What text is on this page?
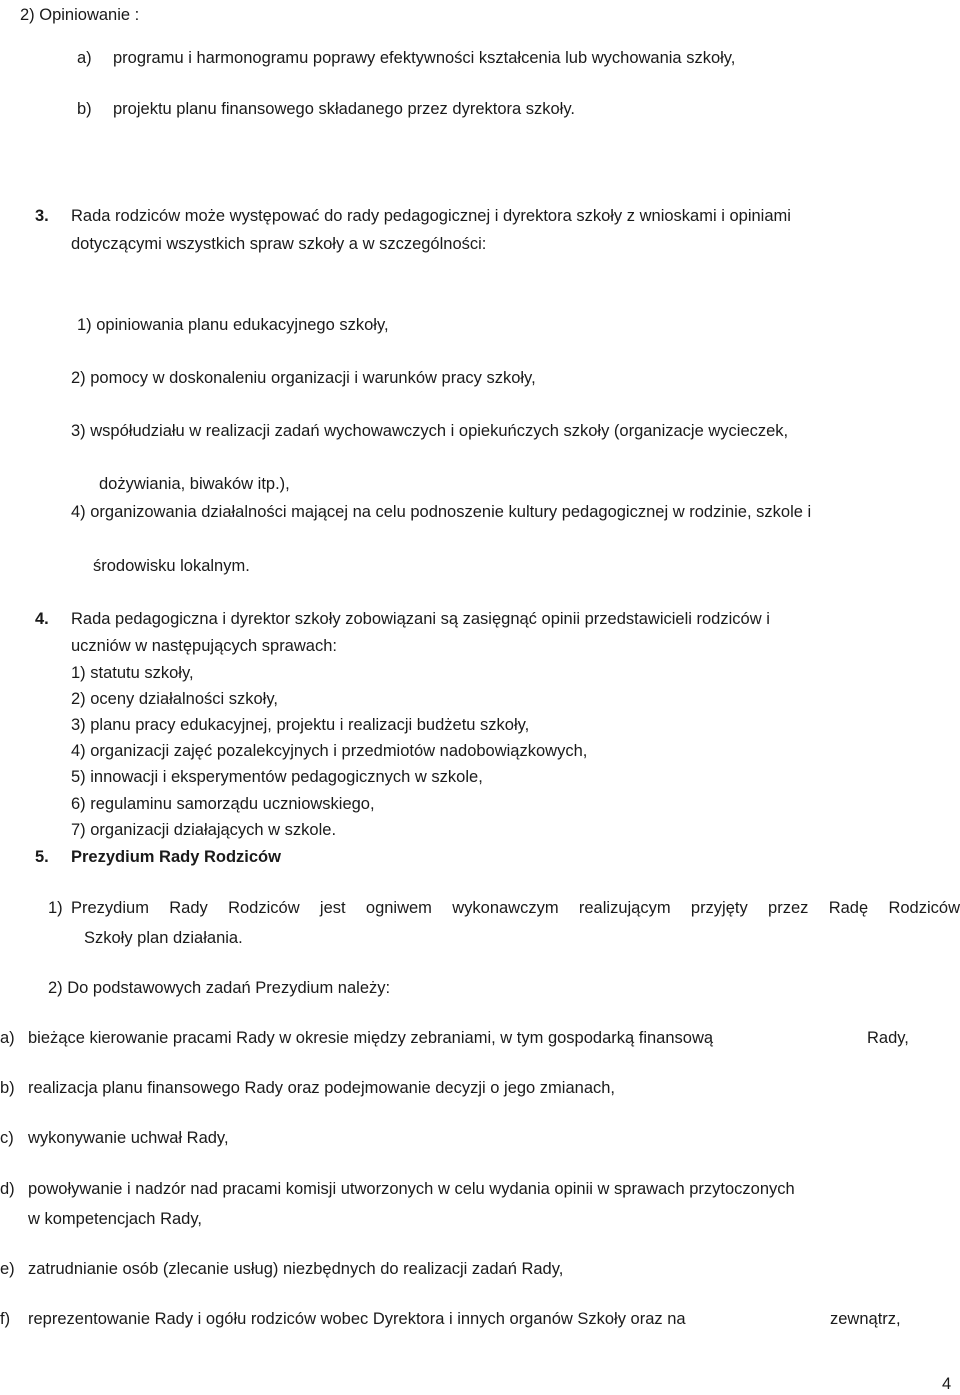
2) Opiniowanie :
a) programu i harmonogramu poprawy efektywności kształcenia lub wychowania szkoły,
b) projektu planu finansowego składanego przez dyrektora szkoły.
3. Rada rodziców może występować do rady pedagogicznej i dyrektora szkoły z wnioskami i opiniami
dotyczącymi wszystkich spraw szkoły a w szczególności:
1) opiniowania planu edukacyjnego szkoły,
2) pomocy w doskonaleniu organizacji i warunków pracy szkoły,
3) współudziału w realizacji zadań wychowawczych i opiekuńczych szkoły (organizacje wycieczek,
dożywiania, biwaków itp.),
4) organizowania działalności mającej na celu podnoszenie kultury pedagogicznej w rodzinie, szkole i
środowisku lokalnym.
4. Rada pedagogiczna i dyrektor szkoły zobowiązani są zasięgnąć opinii przedstawicieli rodziców i
uczniów w następujących sprawach:
1) statutu szkoły,
2) oceny działalności szkoły,
3) planu pracy edukacyjnej, projektu i realizacji budżetu szkoły,
4) organizacji zajęć pozalekcyjnych i przedmiotów nadobowiązkowych,
5) innowacji i eksperymentów pedagogicznych w szkole,
6) regulaminu samorządu uczniowskiego,
7) organizacji działających w szkole.
5. Prezydium Rady Rodziców
1) Prezydium Rady Rodziców jest ogniwem wykonawczym realizującym przyjęty przez Radę Rodziców
Szkoły plan działania.
2) Do podstawowych zadań Prezydium należy:
a) bieżące kierowanie pracami Rady w okresie między zebraniami, w tym gospodarką finansową	Rady,
b) realizacja planu finansowego Rady oraz podejmowanie decyzji o jego zmianach,
c) wykonywanie uchwał Rady,
d) powoływanie i nadzór nad pracami komisji utworzonych w celu wydania opinii w sprawach przytoczonych
w kompetencjach Rady,
e) zatrudnianie osób (zlecanie usług) niezbędnych do realizacji zadań Rady,
f) reprezentowanie Rady i ogółu rodziców wobec Dyrektora i innych organów Szkoły oraz na	zewnątrz,
4
